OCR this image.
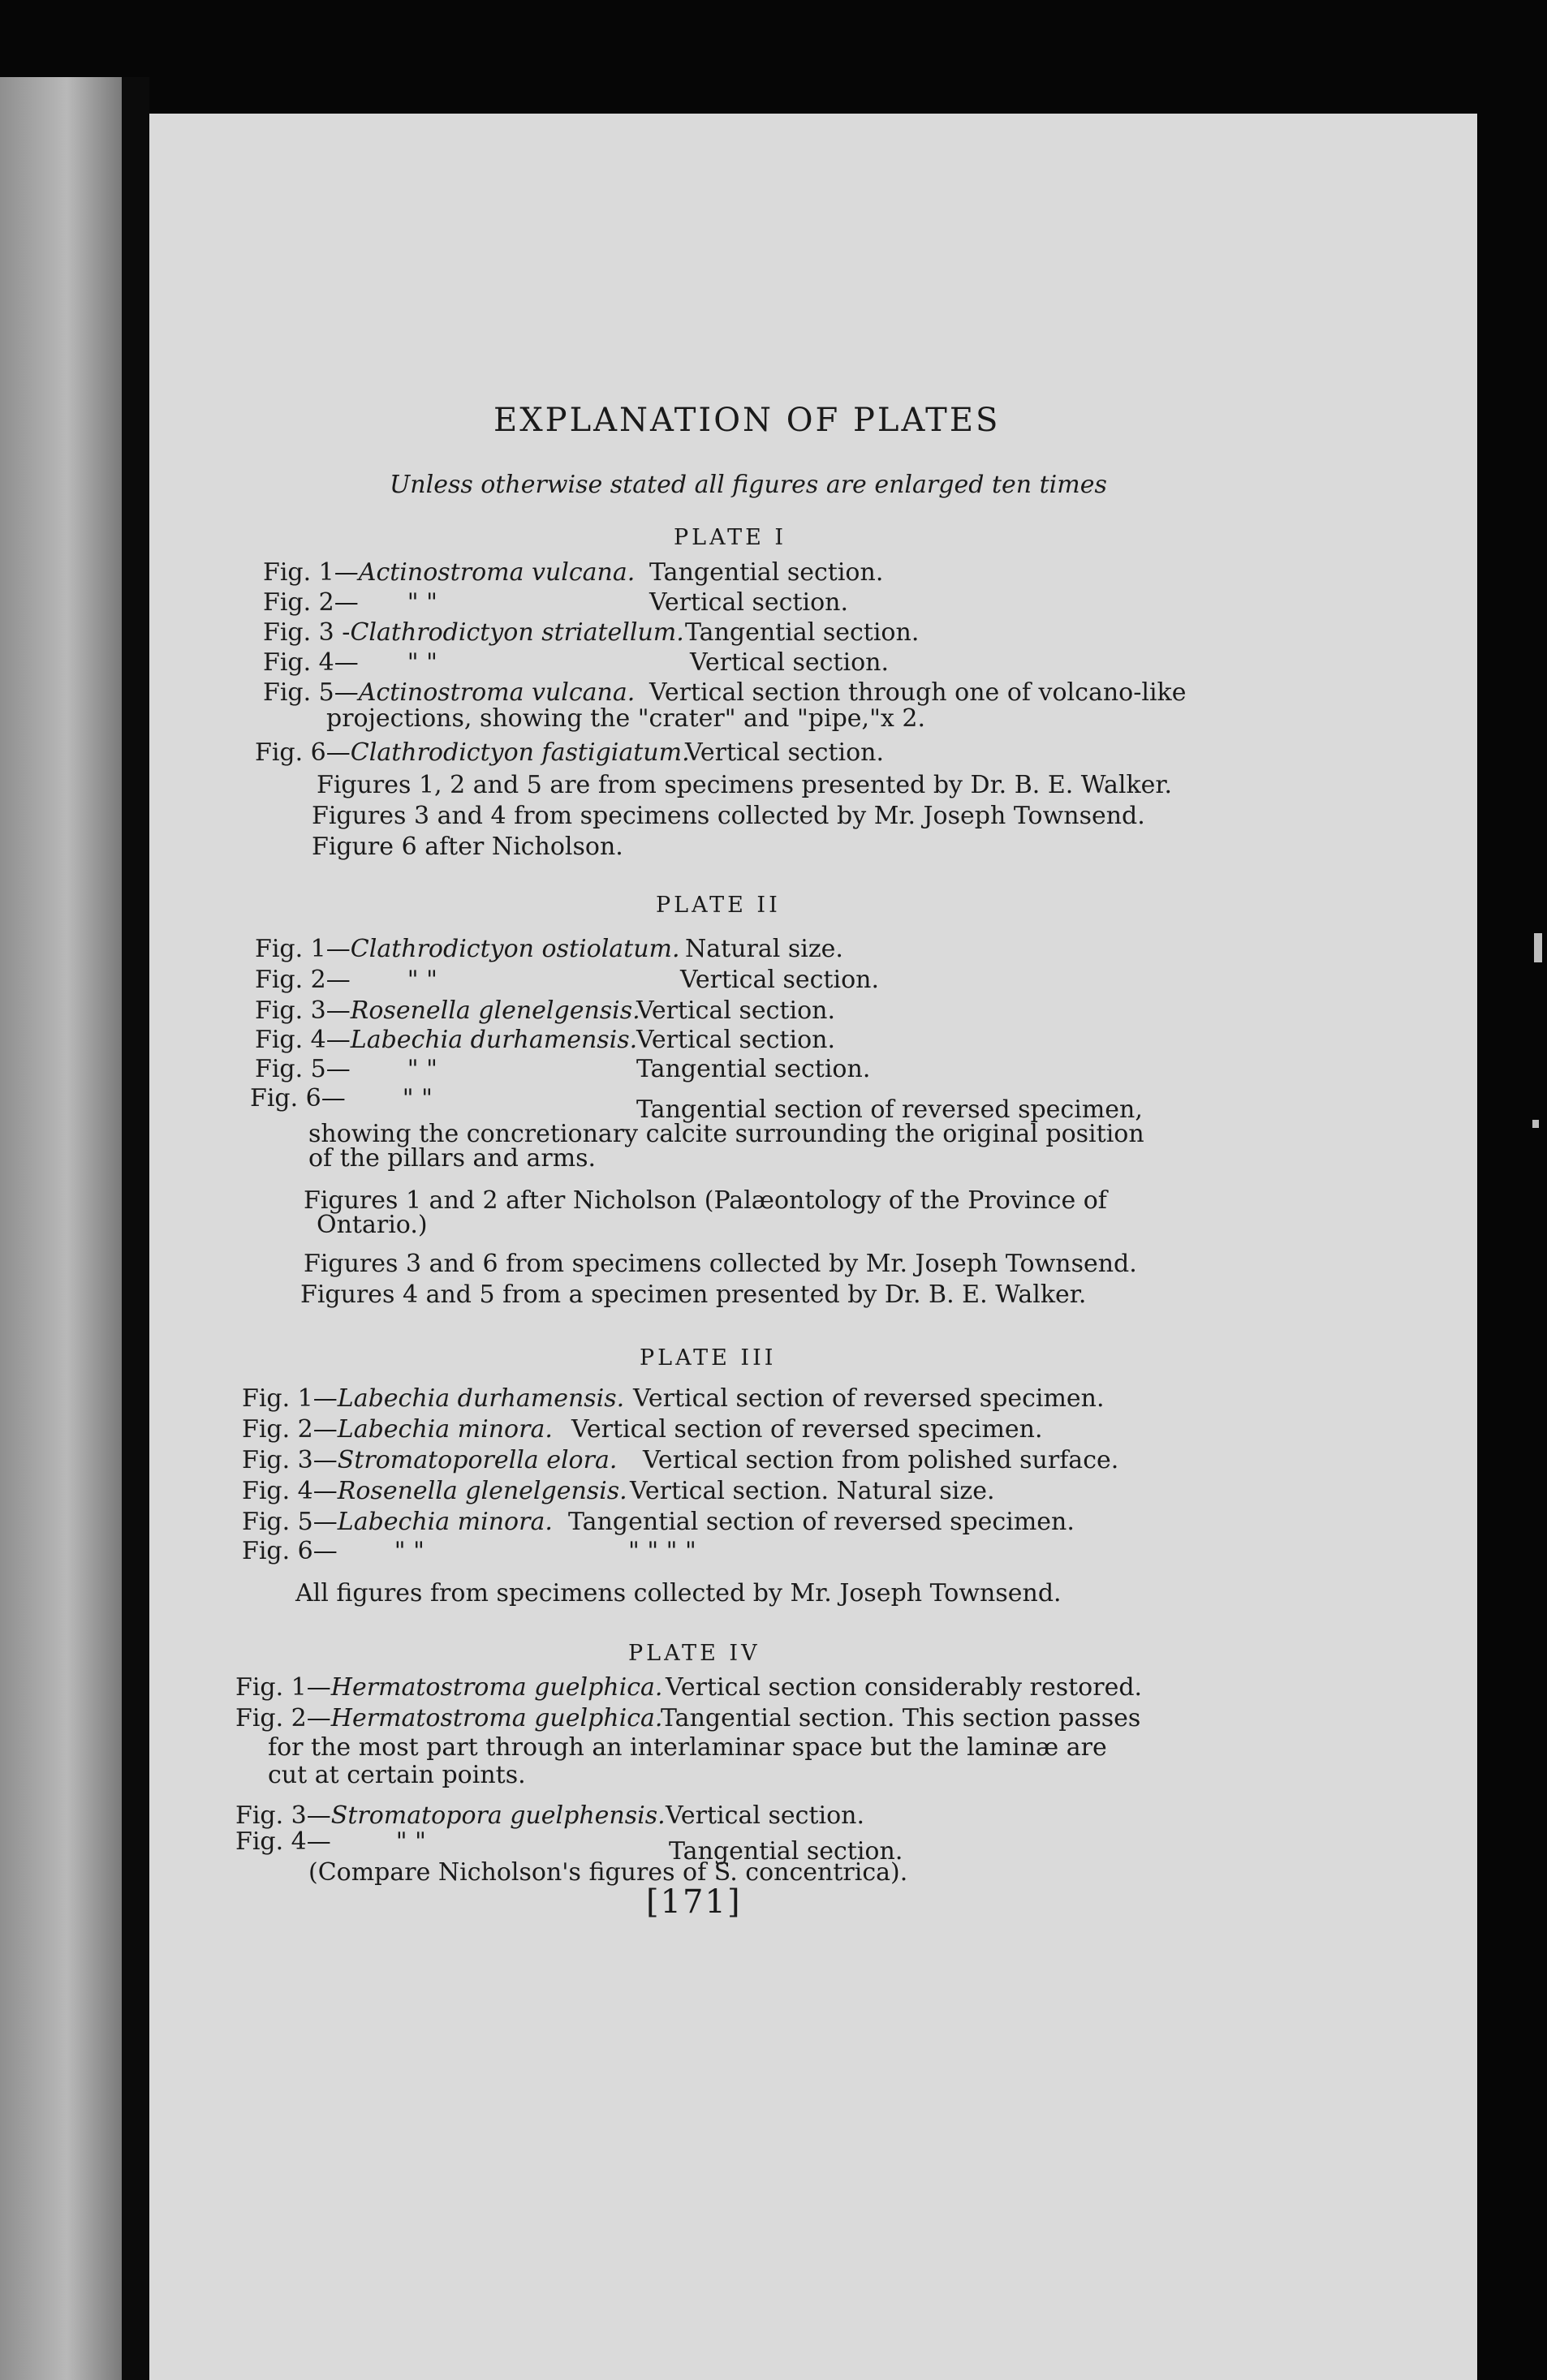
EXPLANATION OF PLATES
Unless otherwise stated all figures are enlarged ten times
PLATE I
Fig. 1—Actinostroma vulcana. Tangential section.
Fig. 2— " "	Vertical section.
Fig. 3 -Clathrodictyon striatellum. Tangential section.
Fig. 4— " "	Vertical section.
Fig. 5—Actinostroma vulcana. Vertical section through one of volcano-like
projections, showing the "crater" and "pipe,"x 2.
Fig. 6—Clathrodictyon fastigiatum.
Vertical section.
Figures 1, 2 and 5 are from specimens presented by Dr. B. E. Walker.
Figures 3 and 4 from specimens collected by Mr. Joseph Townsend.
Figure 6 after Nicholson.
PLATE II
Fig. 1—Clathrodictyon ostiolatum. Natural size.
Fig. 2— " "	Vertical section.
Fig. 3—Rosenella glenelgensis.
Vertical section.
Fig. 4—Labechia durhamensis.
Vertical section.
Fig. 5— " "	Tangential section.
Fig. 6— " "	Tangential section of reversed specimen,
showing the concretionary calcite surrounding the original position
of the pillars and arms.
Figures 1 and 2 after Nicholson (Palæontology of the Province of
Ontario.)
Figures 3 and 6 from specimens collected by Mr. Joseph Townsend.
Figures 4 and 5 from a specimen presented by Dr. B. E. Walker.
PLATE III
Fig. 1—Labechia durhamensis. Vertical section of reversed specimen.
Fig. 2—Labechia minora. Vertical section of reversed specimen.
Fig. 3—Stromatoporella elora. Vertical section from polished surface.
Fig. 4—Rosenella glenelgensis. Vertical section. Natural size.
Fig. 5—Labechia minora. Tangential section of reversed specimen.
Fig. 6— " "	" " " "
All figures from specimens collected by Mr. Joseph Townsend.
PLATE IV
Fig. 1—Hermatostroma guelphica. Vertical section considerably restored.
Fig. 2—Hermatostroma guelphica.
Tangential section. This section passes
for the most part through an interlaminar space but the laminæ are
cut at certain points.
Fig. 3—Stromatopora guelphensis. Vertical section.
Fig. 4—	" "	Tangential section.
(Compare Nicholson's figures of S. concentrica).
[171]
